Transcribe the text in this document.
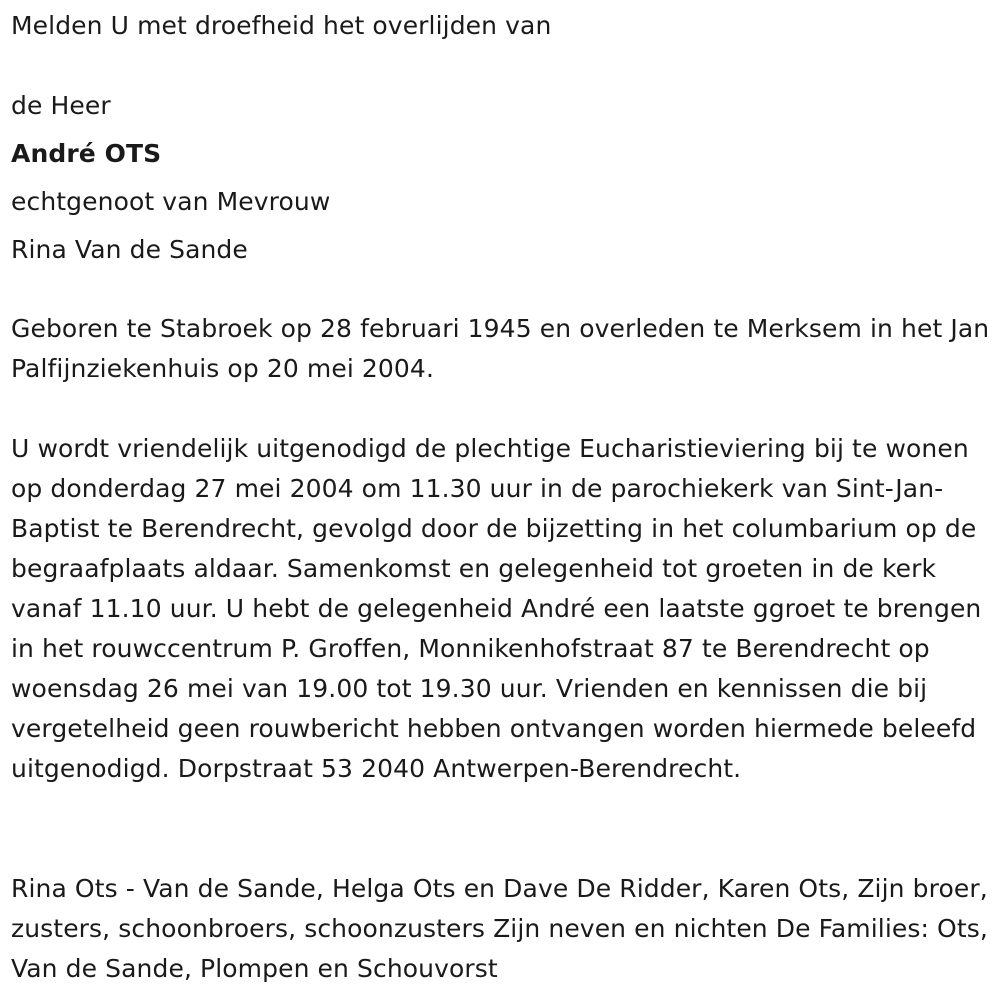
Melden U met droefheid het overlijden van
de Heer
André OTS
echtgenoot van Mevrouw
Rina Van de Sande
Geboren te Stabroek op 28 februari 1945 en overleden te Merksem in het Jan Palfijnziekenhuis op 20 mei 2004.
U wordt vriendelijk uitgenodigd de plechtige Eucharistieviering bij te wonen op donderdag 27 mei 2004 om 11.30 uur in de parochiekerk van Sint-Jan-Baptist te Berendrecht, gevolgd door de bijzetting in het columbarium op de begraafplaats aldaar. Samenkomst en gelegenheid tot groeten in de kerk vanaf 11.10 uur. U hebt de gelegenheid André een laatste ggroet te brengen in het rouwccentrum P. Groffen, Monnikenhofstraat 87 te Berendrecht op woensdag 26 mei van 19.00 tot 19.30 uur. Vrienden en kennissen die bij vergetelheid geen rouwbericht hebben ontvangen worden hiermede beleefd uitgenodigd. Dorpstraat 53 2040 Antwerpen-Berendrecht.
Rina Ots - Van de Sande, Helga Ots en Dave De Ridder, Karen Ots, Zijn broer, zusters, schoonbroers, schoonzusters Zijn neven en nichten De Families: Ots, Van de Sande, Plompen en Schouvorst
